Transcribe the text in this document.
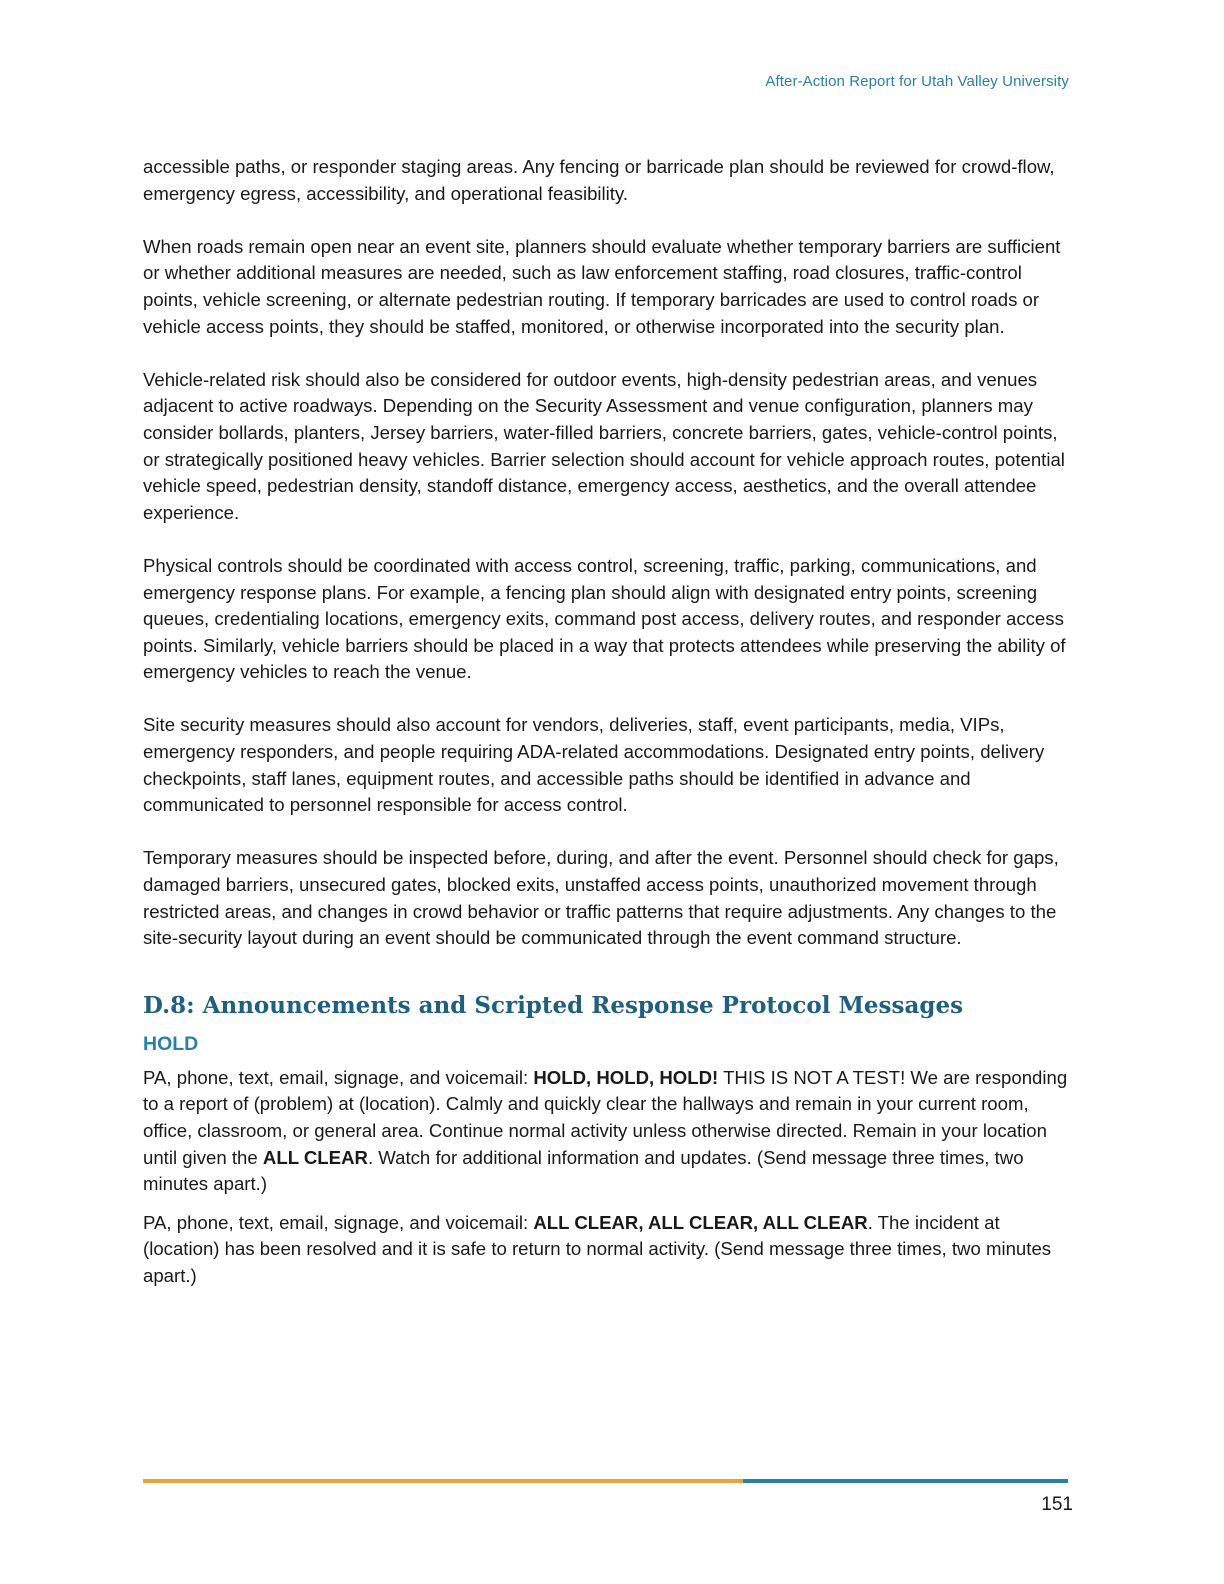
After-Action Report for Utah Valley University

accessible paths, or responder staging areas. Any fencing or barricade plan should be reviewed for crowd-flow, emergency egress, accessibility, and operational feasibility.

When roads remain open near an event site, planners should evaluate whether temporary barriers are sufficient or whether additional measures are needed, such as law enforcement staffing, road closures, traffic-control points, vehicle screening, or alternate pedestrian routing. If temporary barricades are used to control roads or vehicle access points, they should be staffed, monitored, or otherwise incorporated into the security plan.

Vehicle-related risk should also be considered for outdoor events, high-density pedestrian areas, and venues adjacent to active roadways. Depending on the Security Assessment and venue configuration, planners may consider bollards, planters, Jersey barriers, water-filled barriers, concrete barriers, gates, vehicle-control points, or strategically positioned heavy vehicles. Barrier selection should account for vehicle approach routes, potential vehicle speed, pedestrian density, standoff distance, emergency access, aesthetics, and the overall attendee experience.

Physical controls should be coordinated with access control, screening, traffic, parking, communications, and emergency response plans. For example, a fencing plan should align with designated entry points, screening queues, credentialing locations, emergency exits, command post access, delivery routes, and responder access points. Similarly, vehicle barriers should be placed in a way that protects attendees while preserving the ability of emergency vehicles to reach the venue.

Site security measures should also account for vendors, deliveries, staff, event participants, media, VIPs, emergency responders, and people requiring ADA-related accommodations. Designated entry points, delivery checkpoints, staff lanes, equipment routes, and accessible paths should be identified in advance and communicated to personnel responsible for access control.

Temporary measures should be inspected before, during, and after the event. Personnel should check for gaps, damaged barriers, unsecured gates, blocked exits, unstaffed access points, unauthorized movement through restricted areas, and changes in crowd behavior or traffic patterns that require adjustments. Any changes to the site-security layout during an event should be communicated through the event command structure.

D.8: Announcements and Scripted Response Protocol Messages
HOLD

PA, phone, text, email, signage, and voicemail: HOLD, HOLD, HOLD! THIS IS NOT A TEST! We are responding to a report of (problem) at (location). Calmly and quickly clear the hallways and remain in your current room, office, classroom, or general area. Continue normal activity unless otherwise directed. Remain in your location until given the ALL CLEAR. Watch for additional information and updates. (Send message three times, two minutes apart.)

PA, phone, text, email, signage, and voicemail: ALL CLEAR, ALL CLEAR, ALL CLEAR. The incident at (location) has been resolved and it is safe to return to normal activity. (Send message three times, two minutes apart.)

151
